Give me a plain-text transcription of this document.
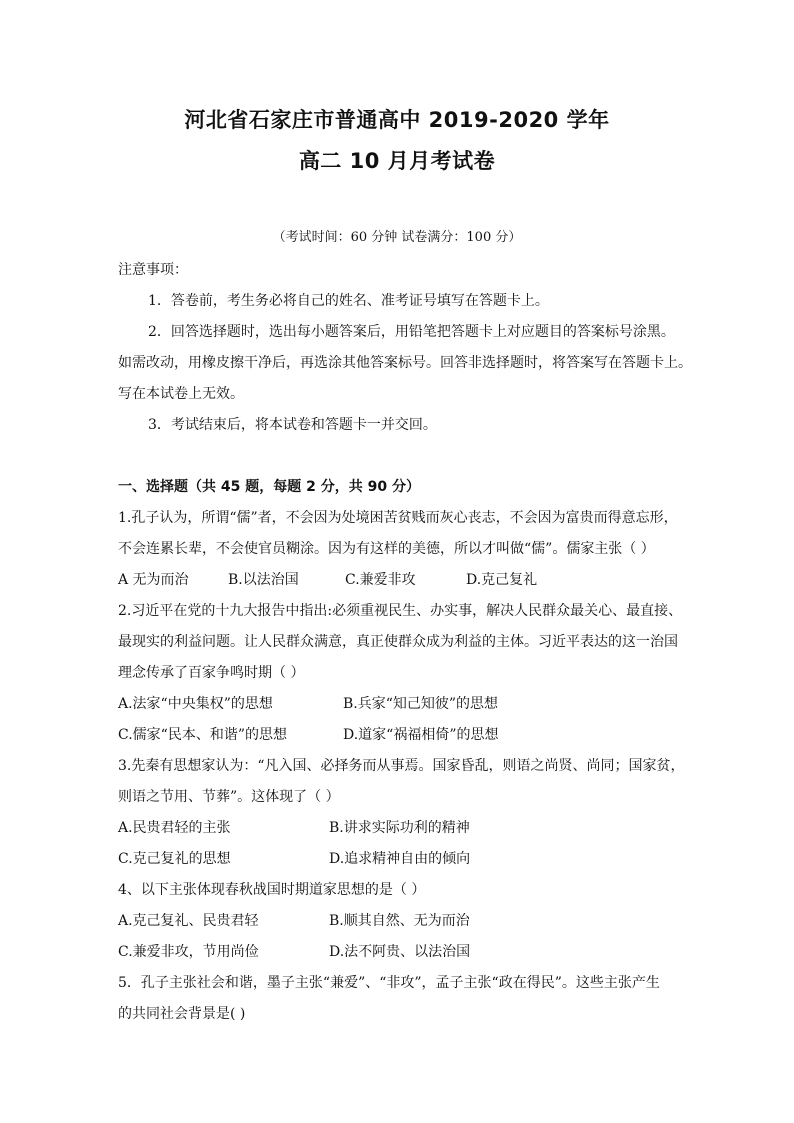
河北省石家庄市普通高中 2019-2020 学年
高二 10 月月考试卷
（考试时间：60 分钟 试卷满分：100 分）
注意事项：
1．答卷前，考生务必将自己的姓名、准考证号填写在答题卡上。
2．回答选择题时，选出每小题答案后，用铅笔把答题卡上对应题目的答案标号涂黑。
如需改动，用橡皮擦干净后，再选涂其他答案标号。回答非选择题时，将答案写在答题卡上。
写在本试卷上无效。
3．考试结束后，将本试卷和答题卡一并交回。
一、选择题（共 45 题，每题 2 分，共 90 分）
1.孔子认为，所谓“儒”者，不会因为处境困苦贫贱而灰心丧志，不会因为富贵而得意忘形，
不会连累长辈，不会使官员糊涂。因为有这样的美德，所以才叫做“儒”。儒家主张（ ）
A 无为而治	B.以法治国	C.兼爱非攻	D.克己复礼
2.习近平在党的十九大报告中指出:必须重视民生、办实事，解决人民群众最关心、最直接、
最现实的利益问题。让人民群众满意，真正使群众成为利益的主体。习近平表达的这一治国
理念传承了百家争鸣时期（ ）
A.法家“中央集权”的思想	B.兵家“知己知彼”的思想
C.儒家“民本、和谐”的思想	D.道家“祸福相倚”的思想
3.先秦有思想家认为：“凡入国、必择务而从事焉。国家昏乱，则语之尚贤、尚同；国家贫，
则语之节用、节葬”。这体现了（ ）
A.民贵君轻的主张	B.讲求实际功利的精神
C.克己复礼的思想	D.追求精神自由的倾向
4、以下主张体现春秋战国时期道家思想的是（ ）
A.克己复礼、民贵君轻	B.顺其自然、无为而治
C.兼爱非攻，节用尚俭	D.法不阿贵、以法治国
5．孔子主张社会和谐，墨子主张“兼爱”、“非攻”，孟子主张“政在得民”。这些主张产生
的共同社会背景是( )
